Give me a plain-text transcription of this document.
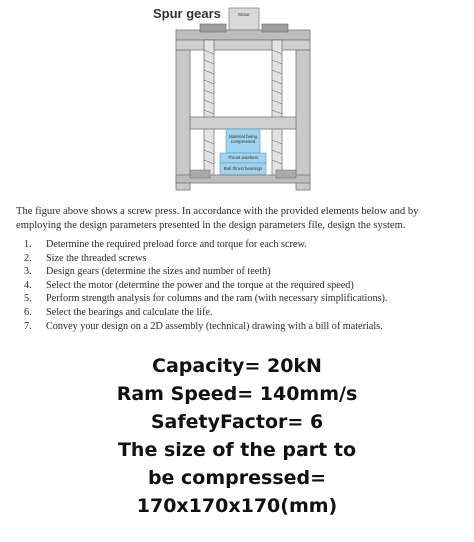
Spur gears	Motor
Material being compressed
Thrust washers
Ball thrust bearings
The figure above shows a screw press. In accordance with the provided elements below and by employing the design parameters presented in the design parameters file, design the system.
1.	Determine the required preload force and torque for each screw.
2.	Size the threaded screws
3.	Design gears (determine the sizes and number of teeth)
4.	Select the motor (determine the power and the torque at the required speed)
5.	Perform strength analysis for columns and the ram (with necessary simplifications).
6.	Select the bearings and calculate the life.
7.	Convey your design on a 2D assembly (technical) drawing with a bill of materials.
Capacity= 20kN
Ram Speed= 140mm/s
SafetyFactor= 6
The size of the part to
be compressed=
170x170x170(mm)
